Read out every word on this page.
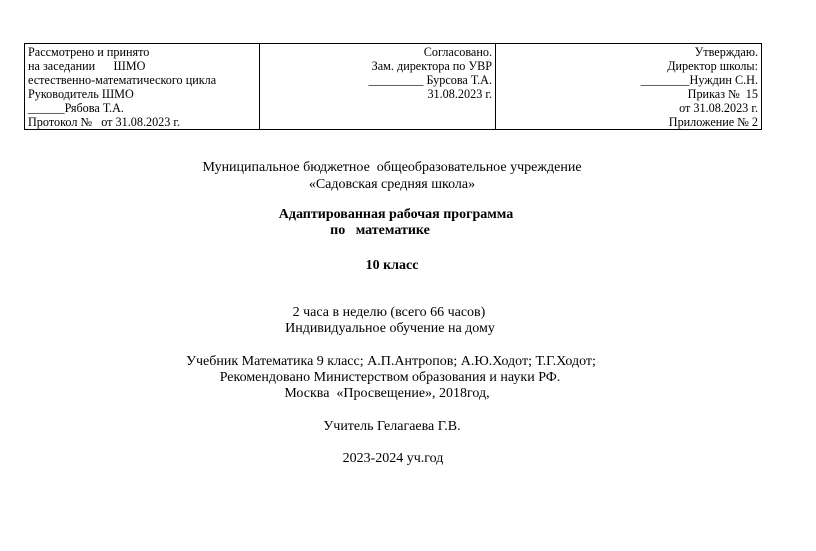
Рассмотрено и принято
на заседании      ШМО
естественно-математического цикла
Руководитель ШМО
______Рябова Т.А.
Протокол №   от 31.08.2023 г.

Согласовано.
Зам. директора по УВР
_________ Бурсова Т.А.
31.08.2023 г.

Утверждаю.
Директор школы:
________Нуждин С.Н.
Приказ №  15
от 31.08.2023 г.
Приложение № 2
Муниципальное бюджетное  общеобразовательное учреждение
«Садовская средняя школа»
Адаптированная рабочая программа
по   математике
10 класс
2 часа в неделю (всего 66 часов)
Индивидуальное обучение на дому
Учебник Математика 9 класс; А.П.Антропов; А.Ю.Ходот; Т.Г.Ходот;
Рекомендовано Министерством образования и науки РФ.
Москва  «Просвещение», 2018год,
Учитель Гелагаева Г.В.
2023-2024 уч.год
